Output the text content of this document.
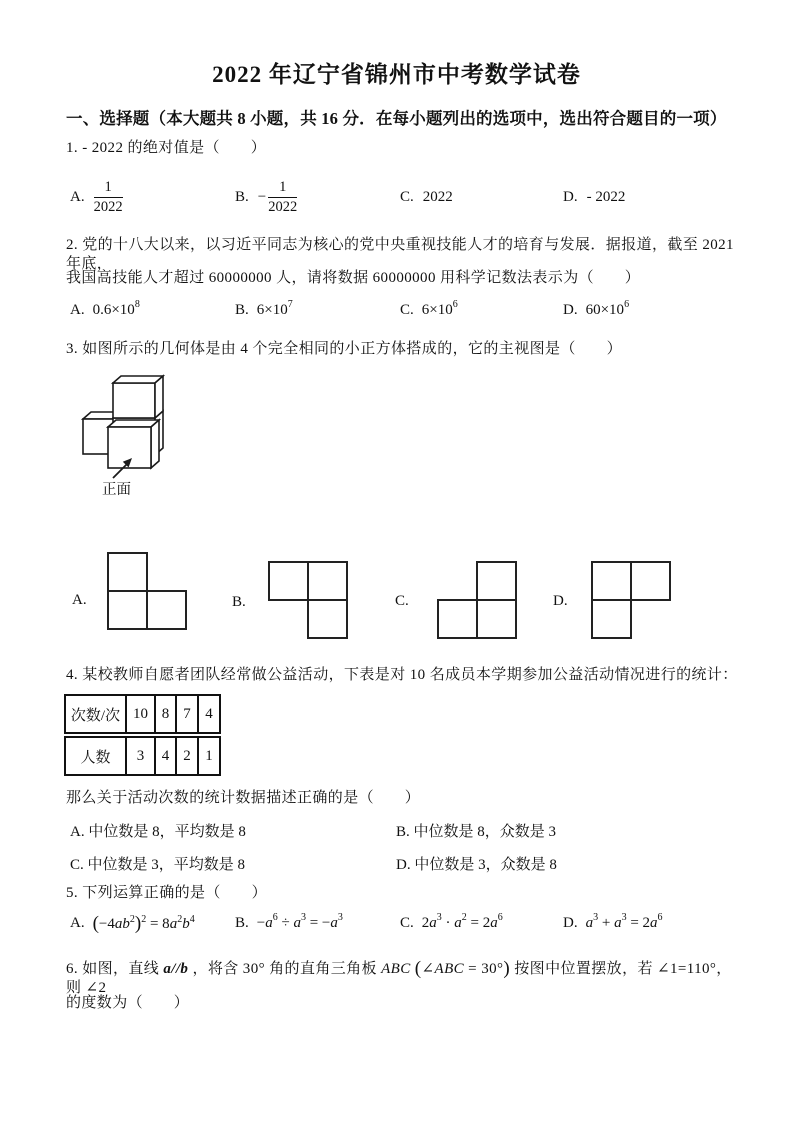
2022 年辽宁省锦州市中考数学试卷
一、选择题（本大题共 8 小题，共 16 分．在每小题列出的选项中，选出符合题目的一项）
1. - 2022 的绝对值是（　　）
A. $\frac{1}{2022}$	B. − $\frac{1}{2022}$	C. 2022	D. - 2022
2. 党的十八大以来，以习近平同志为核心的党中央重视技能人才的培育与发展．据报道，截至 2021 年底，
我国高技能人才超过 60000000 人，请将数据 60000000 用科学记数法表示为（　　）
A. $0.6\times 10^8$	B. $6\times 10^7$	C. $6\times 10^6$	D. $60\times 10^6$
3. 如图所示的几何体是由 4 个完全相同的小正方体搭成的，它的主视图是（　　）
正面
A.	B.	C.	D.
4. 某校教师自愿者团队经常做公益活动，下表是对 10 名成员本学期参加公益活动情况进行的统计：
次数/次 10 8 7 4
人数	3	4 2 1
那么关于活动次数的统计数据描述正确的是（　　）
A. 中位数是 8，平均数是 8	B. 中位数是 8，众数是 3
C. 中位数是 3，平均数是 8	D. 中位数是 3，众数是 8
5. 下列运算正确的是（　　）
A. $(-4ab^2)^2 = 8a^2b^4$	B. $-a^6 \div a^3 = -a^3$	C. $2a^3 \cdot a^2 = 2a^6$	D. $a^3 + a^3 = 2a^6$
6. 如图，直线 a//b ，将含 30° 角的直角三角板 ABC (∠ABC = 30°) 按图中位置摆放，若 ∠1=110°，则 ∠2
的度数为（　　）
